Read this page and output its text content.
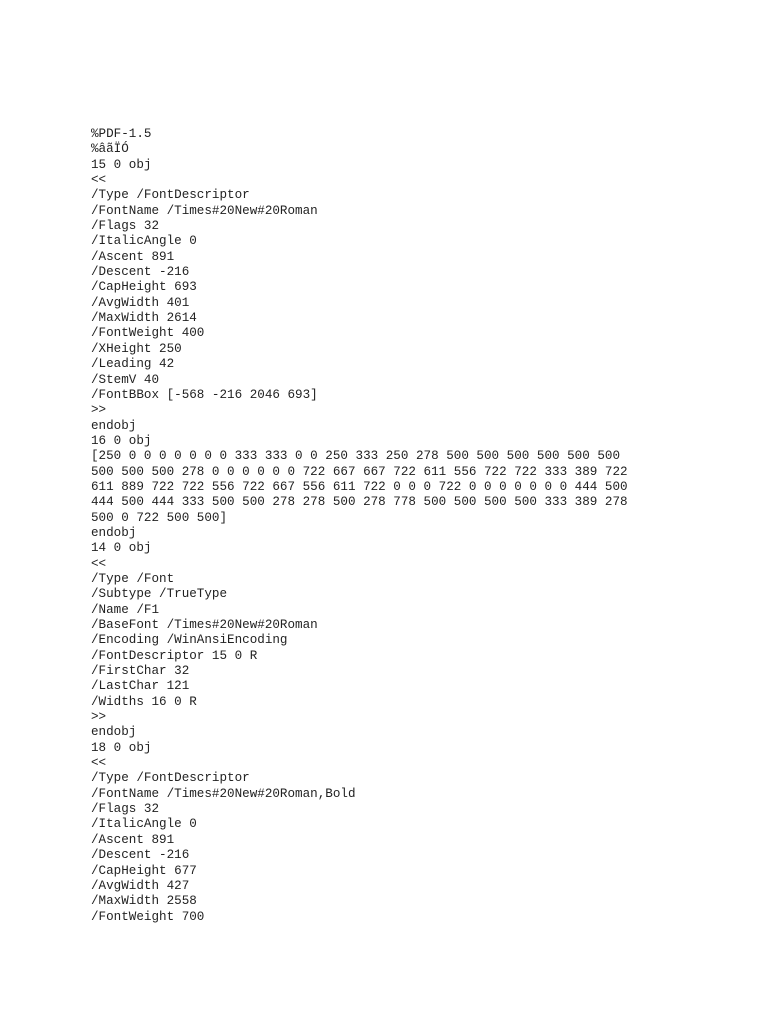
%PDF-1.5
%âãÏÓ
15 0 obj
<<
/Type /FontDescriptor
/FontName /Times#20New#20Roman
/Flags 32
/ItalicAngle 0
/Ascent 891
/Descent -216
/CapHeight 693
/AvgWidth 401
/MaxWidth 2614
/FontWeight 400
/XHeight 250
/Leading 42
/StemV 40
/FontBBox [-568 -216 2046 693]
>>
endobj
16 0 obj
[250 0 0 0 0 0 0 0 333 333 0 0 250 333 250 278 500 500 500 500 500 500
500 500 500 278 0 0 0 0 0 0 722 667 667 722 611 556 722 722 333 389 722
611 889 722 722 556 722 667 556 611 722 0 0 0 722 0 0 0 0 0 0 0 444 500
444 500 444 333 500 500 278 278 500 278 778 500 500 500 500 333 389 278
500 0 722 500 500]
endobj
14 0 obj
<<
/Type /Font
/Subtype /TrueType
/Name /F1
/BaseFont /Times#20New#20Roman
/Encoding /WinAnsiEncoding
/FontDescriptor 15 0 R
/FirstChar 32
/LastChar 121
/Widths 16 0 R
>>
endobj
18 0 obj
<<
/Type /FontDescriptor
/FontName /Times#20New#20Roman,Bold
/Flags 32
/ItalicAngle 0
/Ascent 891
/Descent -216
/CapHeight 677
/AvgWidth 427
/MaxWidth 2558
/FontWeight 700
